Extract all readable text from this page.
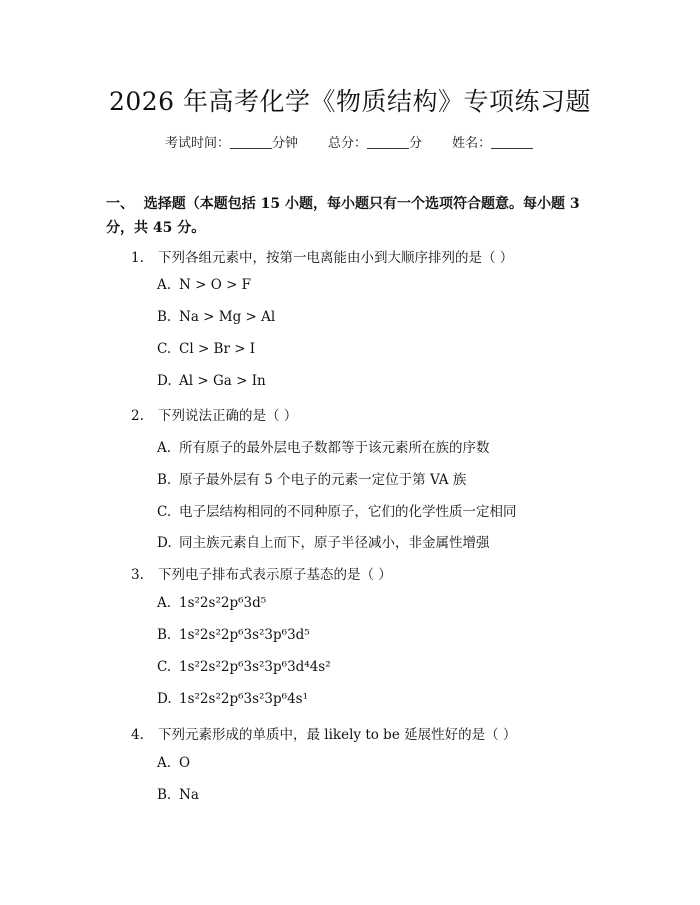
2026 年高考化学《物质结构》专项练习题
考试时间：	分钟 总分：	分 姓名：
一、 选择题（本题包括 15 小题，每小题只有一个选项符合题意。每小题 3 分，共 45 分。
1. 下列各组元素中，按第一电离能由小到大顺序排列的是（ ）
A. N > O > F
B. Na > Mg > Al
C. Cl > Br > I
D. Al > Ga > In
2. 下列说法正确的是（ ）
A. 所有原子的最外层电子数都等于该元素所在族的序数
B. 原子最外层有 5 个电子的元素一定位于第 VA 族
C. 电子层结构相同的不同种原子，它们的化学性质一定相同
D. 同主族元素自上而下，原子半径减小，非金属性增强
3. 下列电子排布式表示原子基态的是（ ）
A. 1s²2s²2p⁶3d⁵
B. 1s²2s²2p⁶3s²3p⁶3d⁵
C. 1s²2s²2p⁶3s²3p⁶3d⁴4s²
D. 1s²2s²2p⁶3s²3p⁶4s¹
4. 下列元素形成的单质中，最 likely to be 延展性好的是（ ）
A. O
B. Na
